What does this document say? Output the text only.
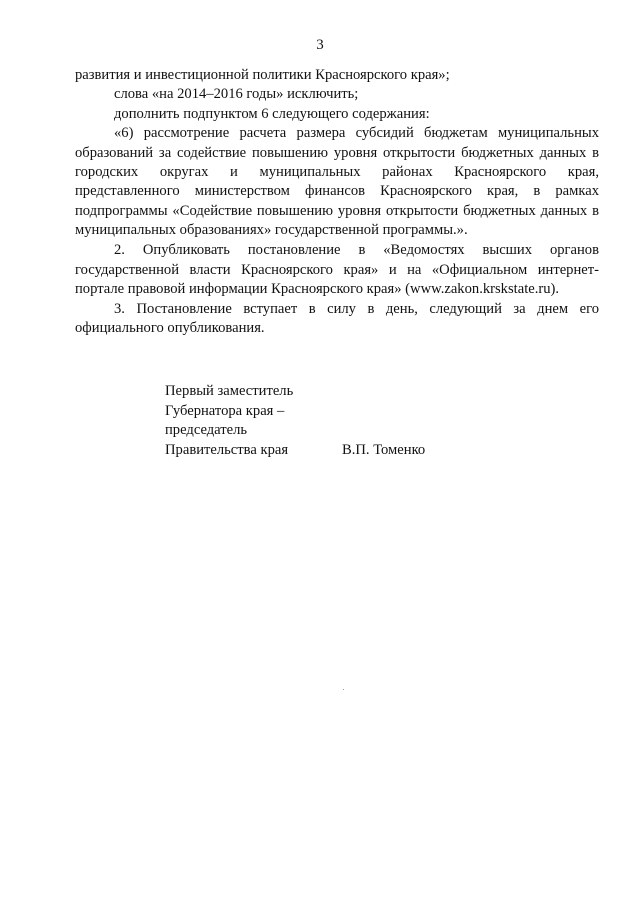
3

развития и инвестиционной политики Красноярского края»;

слова «на 2014–2016 годы» исключить;

дополнить подпунктом 6 следующего содержания:

«6) рассмотрение расчета размера субсидий бюджетам муниципальных образований за содействие повышению уровня открытости бюджетных данных в городских округах и муниципальных районах Красноярского края, представленного министерством финансов Красноярского края, в рамках подпрограммы «Содействие повышению уровня открытости бюджетных данных в муниципальных образованиях» государственной программы.».

2. Опубликовать постановление в «Ведомостях высших органов государственной власти Красноярского края» и на «Официальном интернет-портале правовой информации Красноярского края» (www.zakon.krskstate.ru).

3. Постановление вступает в силу в день, следующий за днем его официального опубликования.

Первый заместитель
Губернатора края –
председатель
Правительства края	В.П. Томенко
